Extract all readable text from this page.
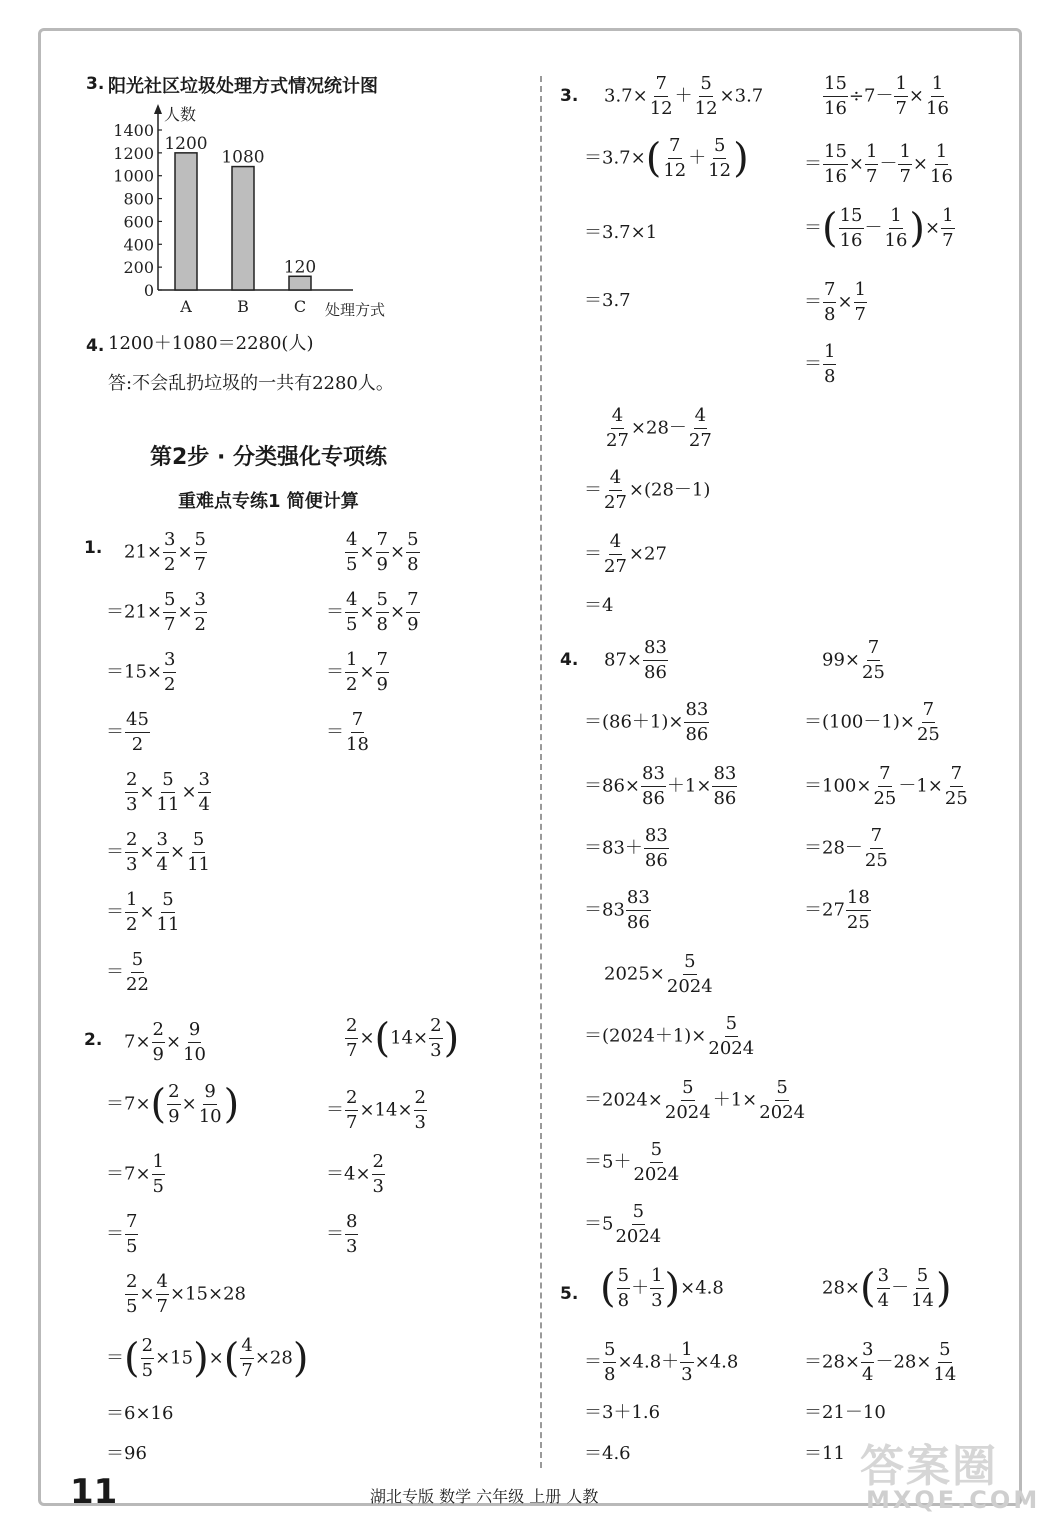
3. 阳光社区垃圾处理方式情况统计图
人数
处理方式
0
200
400
600
800
1000
1200
1400
1200
A
1080
B
120
C
4. 1200＋1080＝2280(人)
答:不会乱扔垃圾的一共有2280人。
第2步 · 分类强化专项练
重难点专练1 简便计算
1. $21\times \frac{3}{2} \times \frac{5}{7}$
$=21\times \frac{5}{7} \times \frac{3}{2}$
$=15\times \frac{3}{2}$
＝ $\frac{45}{2}$
$\frac{4}{5} \times \frac{7}{9} \times \frac{5}{8}$
＝ $\frac{4}{5} \times \frac{5}{8} \times \frac{7}{9}$
＝ $\frac{1}{2} \times \frac{7}{9}$
＝ $\frac{7}{18}$
$\frac{2}{3} \times \frac{5}{11} \times \frac{3}{4}$
＝ $\frac{2}{3} \times \frac{3}{4} \times \frac{5}{11}$
＝ $\frac{1}{2} \times \frac{5}{11}$
＝ $\frac{5}{22}$
2. $7\times \frac{2}{9} \times \frac{9}{10}$
$=7\times( \frac{2}{9} \times \frac{9}{10}$ )
$=7\times \frac{1}{5}$
＝ $\frac{7}{5}$
$\frac{2}{7} \times(14\times \frac{2}{3}$ )
＝ $\frac{2}{7} \times 14\times \frac{2}{3}$
$=4\times \frac{2}{3}$
＝ $\frac{8}{3}$
$\frac{2}{5} \times \frac{4}{7} \times 15\times 28$
＝( $\frac{2}{5} \times 15)\times( \frac{4}{7} \times 28)$
＝6×16
＝96
3. $3.7\times \frac{7}{12} + \frac{5}{12} \times 3.7$
$=3.7\times( \frac{7}{12} + \frac{5}{12}$ )
＝3.7×1
＝3.7
$\frac{15}{16} \div 7- \frac{1}{7} \times \frac{1}{16}$
＝ $\frac{15}{16} \times \frac{1}{7} - \frac{1}{7} \times \frac{1}{16}$
＝( $\frac{15}{16} - \frac{1}{16}$ )× $\frac{1}{7}$
＝ $\frac{7}{8} \times \frac{1}{7}$
＝ $\frac{1}{8}$
$\frac{4}{27} \times 28- \frac{4}{27}$
＝ $\frac{4}{27} \times(28-1)$
＝ $\frac{4}{27} \times 27$
＝4
4. $87\times \frac{83}{86}$
$=(86+1)\times \frac{83}{86}$
$=86\times \frac{83}{86} +1\times \frac{83}{86}$
$=83+ \frac{83}{86}$
$=83 \frac{83}{86}$
$99\times \frac{7}{25}$
$=(100-1)\times \frac{7}{25}$
$=100\times \frac{7}{25} -1\times \frac{7}{25}$
$=28- \frac{7}{25}$
$=27 \frac{18}{25}$
$2025\times \frac{5}{2024}$
$=(2024+1)\times \frac{5}{2024}$
$=2024\times \frac{5}{2024} +1\times \frac{5}{2024}$
$=5+ \frac{5}{2024}$
$=5 \frac{5}{2024}$
5. ( $\frac{5}{8} + \frac{1}{3} )\times 4.8$
＝ $\frac{5}{8} \times 4.8+ \frac{1}{3} \times 4.8$
＝3＋1.6
＝4.6
$28\times( \frac{3}{4} - \frac{5}{14}$ )
$=28\times \frac{3}{4} -28\times \frac{5}{14}$
＝21－10
＝11
11	湖北专版 数学 六年级 上册 人教
答案圈
MXQE.COM
